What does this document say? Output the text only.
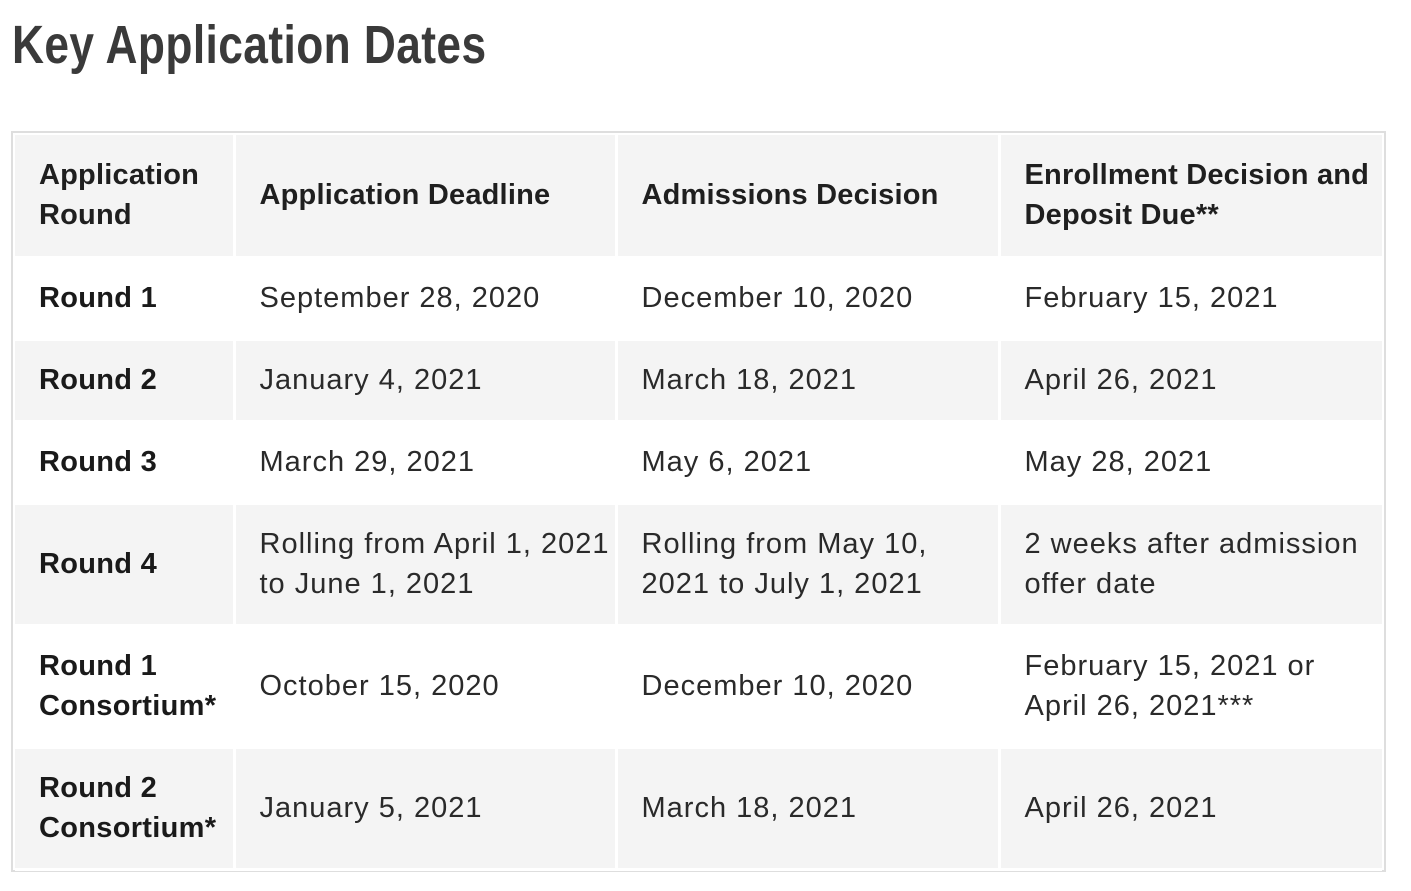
Key Application Dates
Application Round	Application Deadline	Admissions Decision	Enrollment Decision and Deposit Due**
Round 1	September 28, 2020	December 10, 2020	February 15, 2021
Round 2	January 4, 2021	March 18, 2021	April 26, 2021
Round 3	March 29, 2021	May 6, 2021	May 28, 2021
Round 4	Rolling from April 1, 2021 to June 1, 2021	Rolling from May 10, 2021 to July 1, 2021	2 weeks after admission offer date
Round 1 Consortium*	October 15, 2020	December 10, 2020	February 15, 2021 or April 26, 2021***
Round 2 Consortium*	January 5, 2021	March 18, 2021	April 26, 2021
